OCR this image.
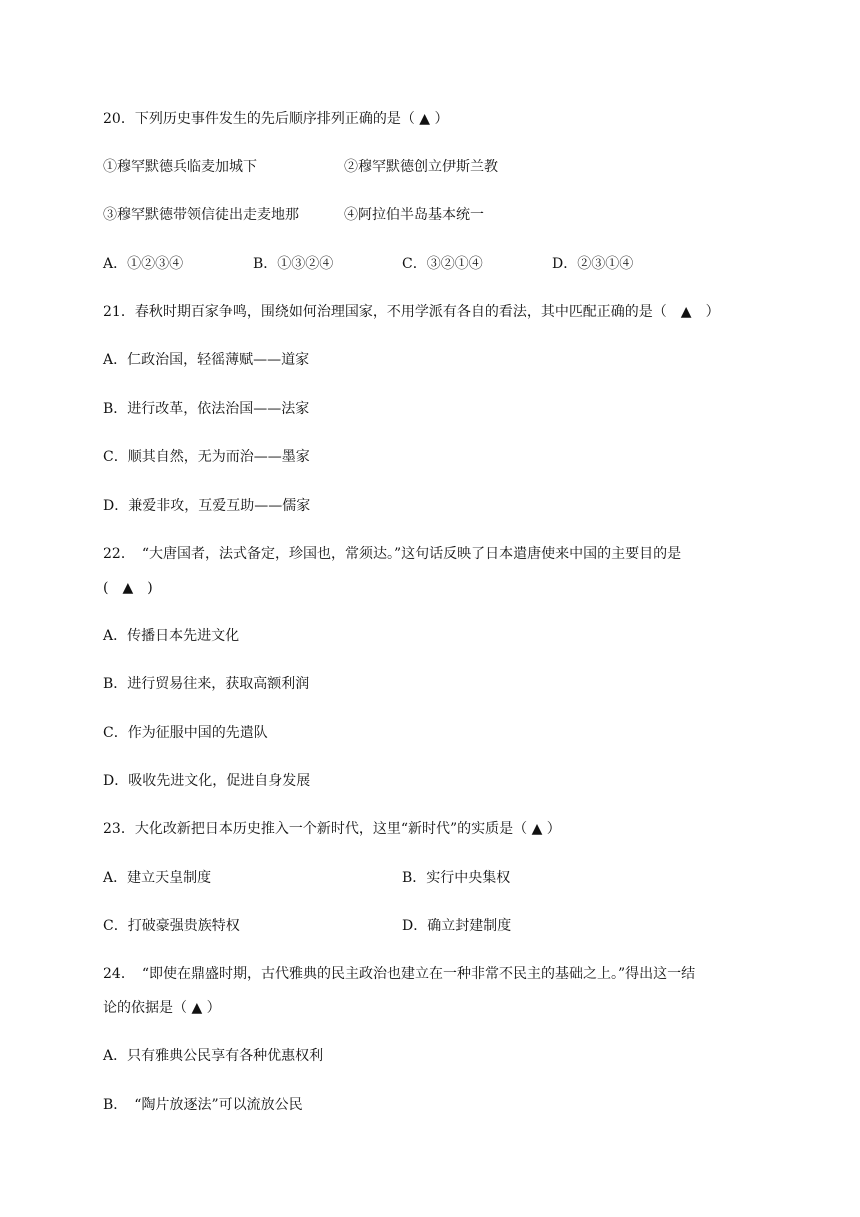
20．下列历史事件发生的先后顺序排列正确的是（ ▲ ）
①穆罕默德兵临麦加城下	②穆罕默德创立伊斯兰教
③穆罕默德带领信徒出走麦地那	④阿拉伯半岛基本统一
A．①②③④	B．①③②④	C．③②①④	D．②③①④
21．春秋时期百家争鸣，围绕如何治理国家，不用学派有各自的看法，其中匹配正确的是（　▲　）
A．仁政治国，轻徭薄赋——道家
B．进行改革，依法治国——法家
C．顺其自然，无为而治——墨家
D．兼爱非攻，互爱互助——儒家
22．　“大唐国者，法式备定，珍国也，常须达。”这句话反映了日本遣唐使来中国的主要目的是
(　▲　)
A．传播日本先进文化
B．进行贸易往来，获取高额利润
C．作为征服中国的先遣队
D．吸收先进文化，促进自身发展
23．大化改新把日本历史推入一个新时代，这里“新时代”的实质是（ ▲ ）
A．建立天皇制度	B．实行中央集权
C．打破豪强贵族特权	D．确立封建制度
24．　“即使在鼎盛时期，古代雅典的民主政治也建立在一种非常不民主的基础之上。”得出这一结
论的依据是（ ▲ ）
A．只有雅典公民享有各种优惠权利
B．　“陶片放逐法”可以流放公民
